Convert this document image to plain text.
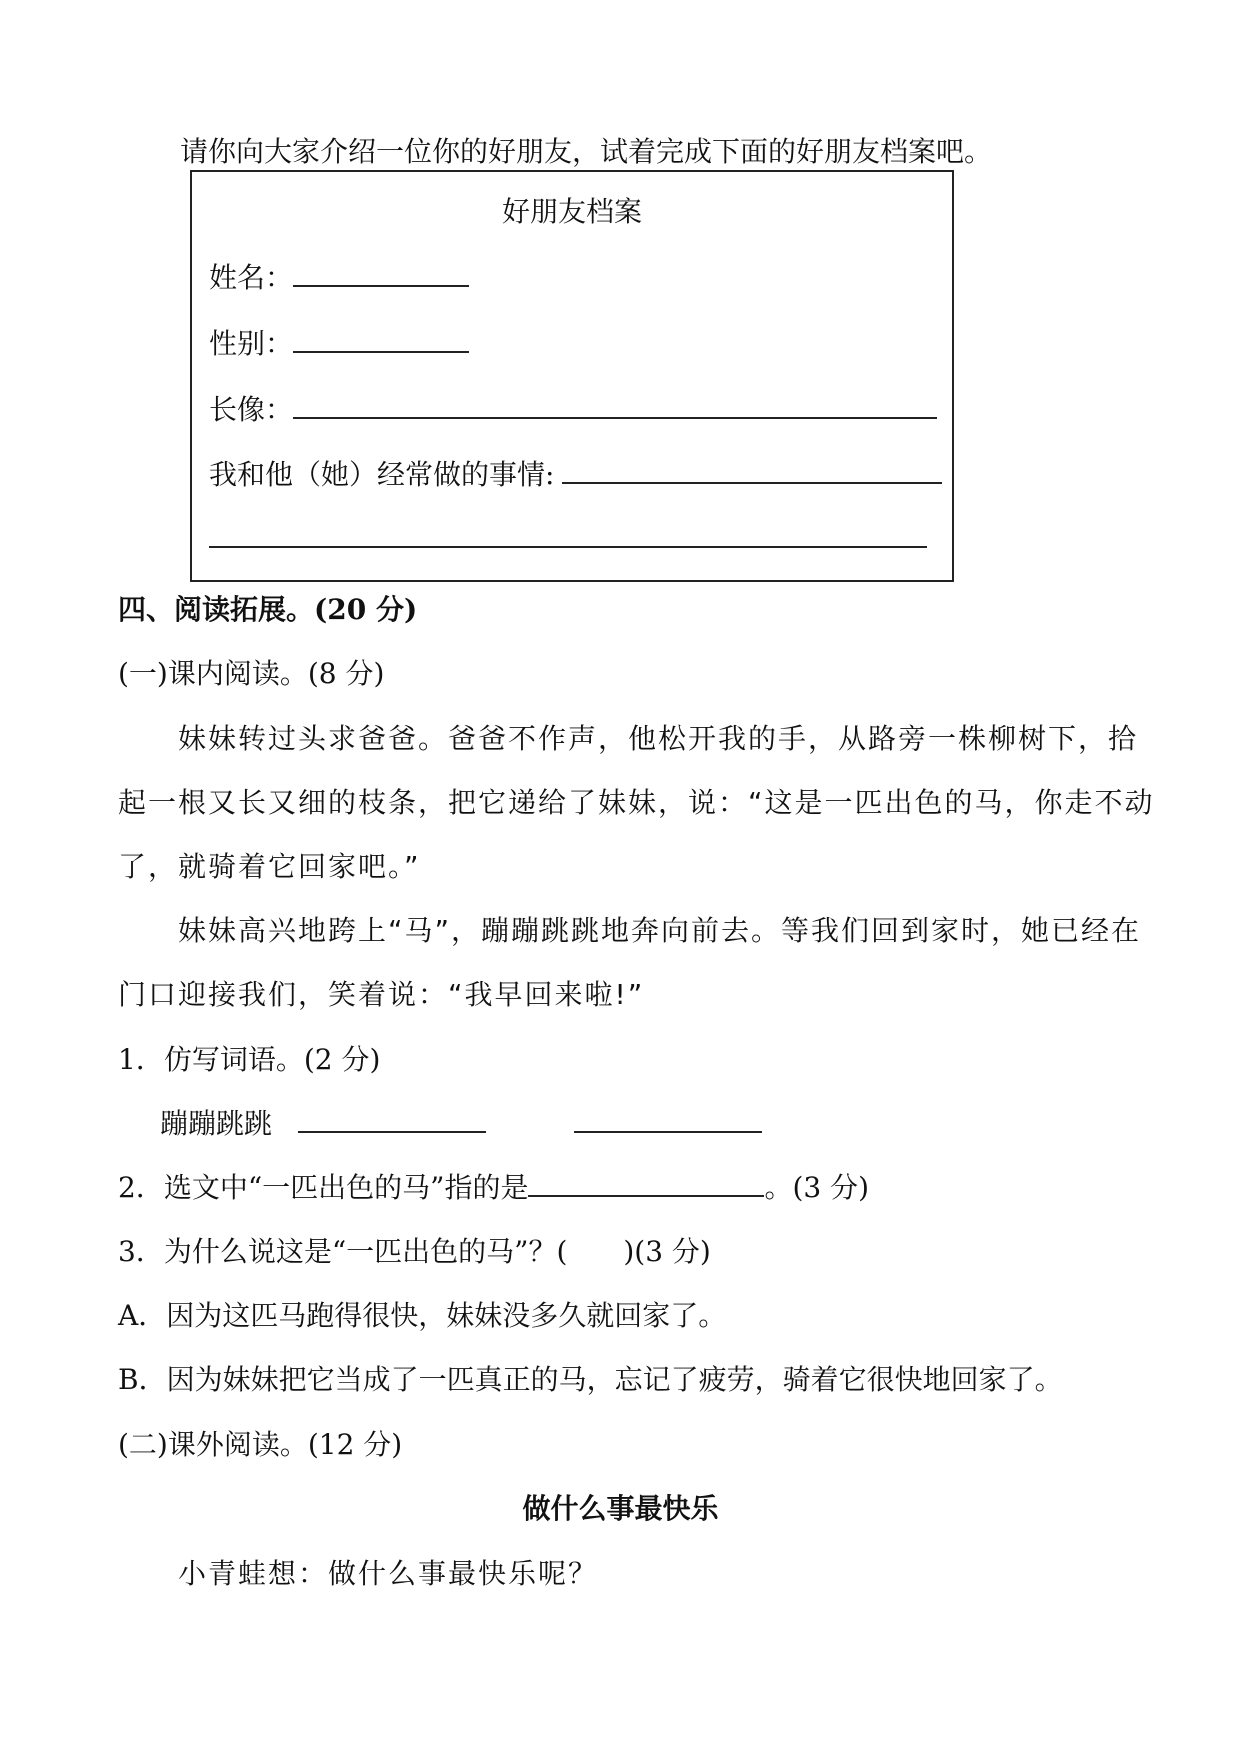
请你向大家介绍一位你的好朋友，试着完成下面的好朋友档案吧。
好朋友档案
姓名：
性别：
长像：
我和他（她）经常做的事情:
四、阅读拓展。(20 分)
(一)课内阅读。(8 分)
妹妹转过头求爸爸。爸爸不作声，他松开我的手，从路旁一株柳树下，拾
起一根又长又细的枝条，把它递给了妹妹，说：“这是一匹出色的马，你走不动
了，就骑着它回家吧。”
妹妹高兴地跨上“马”，蹦蹦跳跳地奔向前去。等我们回到家时，她已经在
门口迎接我们，笑着说：“我早回来啦!”
1．仿写词语。(2 分)
蹦蹦跳跳
2．选文中“一匹出色的马”指的是	。(3 分)
3．为什么说这是“一匹出色的马”？(　　)(3 分)
A．因为这匹马跑得很快，妹妹没多久就回家了。
B．因为妹妹把它当成了一匹真正的马，忘记了疲劳，骑着它很快地回家了。
(二)课外阅读。(12 分)
做什么事最快乐
小青蛙想：做什么事最快乐呢？
